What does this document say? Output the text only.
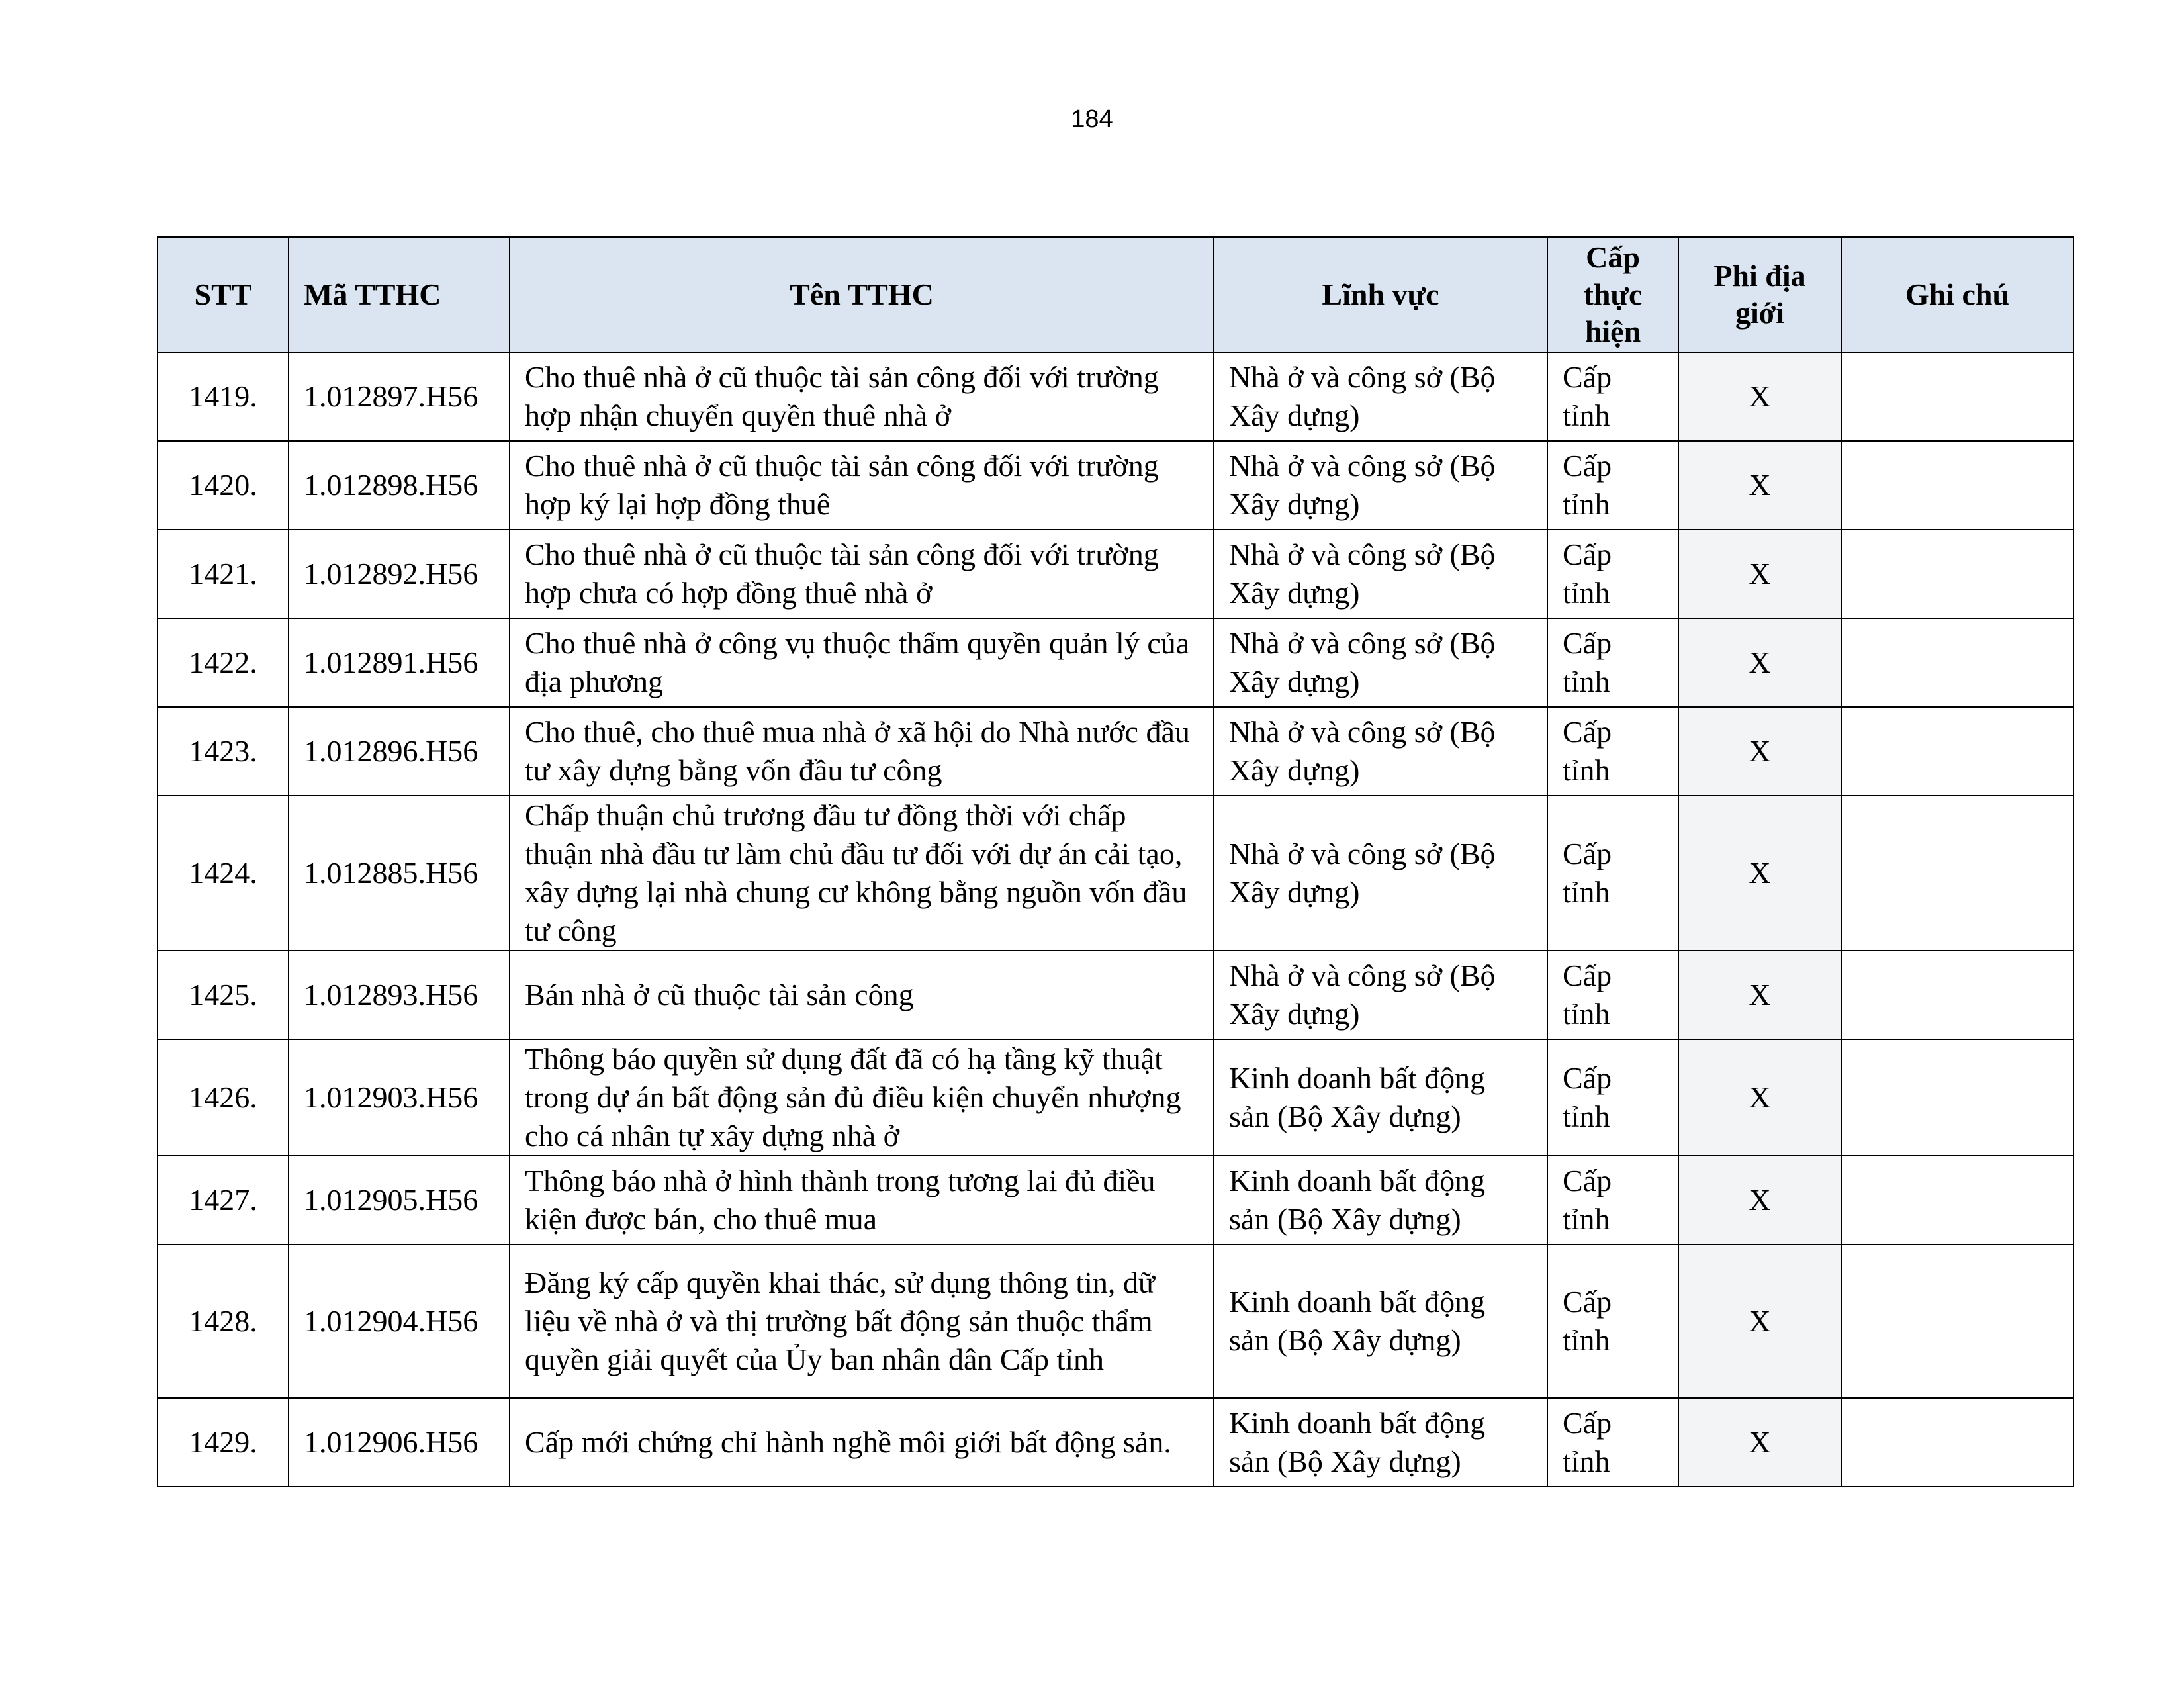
184
STT	Mã TTHC	Tên TTHC	Lĩnh vực	Cấp thực hiện	Phi địa giới	Ghi chú
1419.	1.012897.H56	Cho thuê nhà ở cũ thuộc tài sản công đối với trường hợp nhận chuyển quyền thuê nhà ở	Nhà ở và công sở (Bộ Xây dựng)	Cấp tỉnh	X	
1420.	1.012898.H56	Cho thuê nhà ở cũ thuộc tài sản công đối với trường hợp ký lại hợp đồng thuê	Nhà ở và công sở (Bộ Xây dựng)	Cấp tỉnh	X	
1421.	1.012892.H56	Cho thuê nhà ở cũ thuộc tài sản công đối với trường hợp chưa có hợp đồng thuê nhà ở	Nhà ở và công sở (Bộ Xây dựng)	Cấp tỉnh	X	
1422.	1.012891.H56	Cho thuê nhà ở công vụ thuộc thẩm quyền quản lý của địa phương	Nhà ở và công sở (Bộ Xây dựng)	Cấp tỉnh	X	
1423.	1.012896.H56	Cho thuê, cho thuê mua nhà ở xã hội do Nhà nước đầu tư xây dựng bằng vốn đầu tư công	Nhà ở và công sở (Bộ Xây dựng)	Cấp tỉnh	X	
1424.	1.012885.H56	Chấp thuận chủ trương đầu tư đồng thời với chấp thuận nhà đầu tư làm chủ đầu tư đối với dự án cải tạo, xây dựng lại nhà chung cư không bằng nguồn vốn đầu tư công	Nhà ở và công sở (Bộ Xây dựng)	Cấp tỉnh	X	
1425.	1.012893.H56	Bán nhà ở cũ thuộc tài sản công	Nhà ở và công sở (Bộ Xây dựng)	Cấp tỉnh	X	
1426.	1.012903.H56	Thông báo quyền sử dụng đất đã có hạ tầng kỹ thuật trong dự án bất động sản đủ điều kiện chuyển nhượng cho cá nhân tự xây dựng nhà ở	Kinh doanh bất động sản (Bộ Xây dựng)	Cấp tỉnh	X	
1427.	1.012905.H56	Thông báo nhà ở hình thành trong tương lai đủ điều kiện được bán, cho thuê mua	Kinh doanh bất động sản (Bộ Xây dựng)	Cấp tỉnh	X	
1428.	1.012904.H56	Đăng ký cấp quyền khai thác, sử dụng thông tin, dữ liệu về nhà ở và thị trường bất động sản thuộc thẩm quyền giải quyết của Ủy ban nhân dân Cấp tỉnh	Kinh doanh bất động sản (Bộ Xây dựng)	Cấp tỉnh	X	
1429.	1.012906.H56	Cấp mới chứng chỉ hành nghề môi giới bất động sản.	Kinh doanh bất động sản (Bộ Xây dựng)	Cấp tỉnh	X	
